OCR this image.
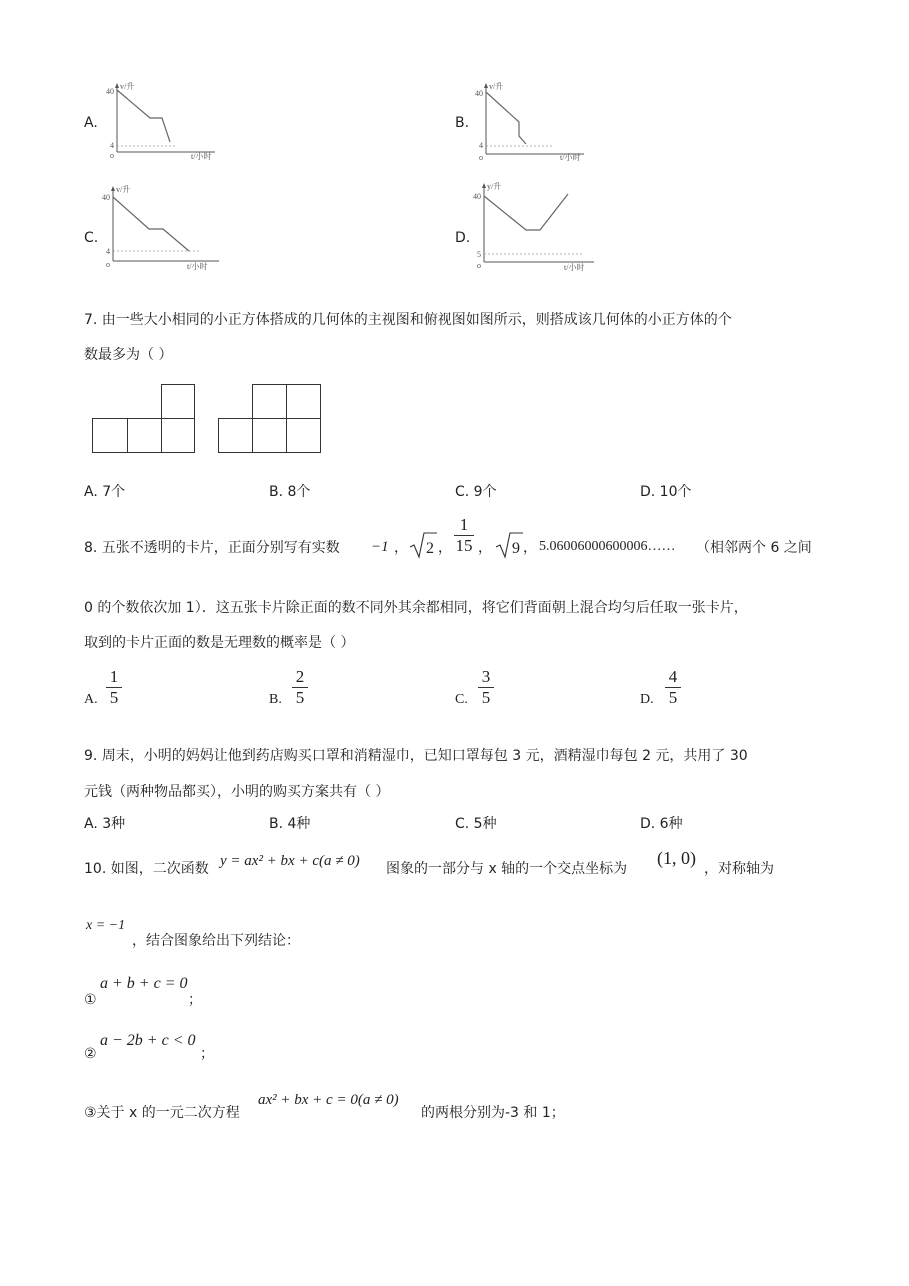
A.
v/升
40
4
o	t/小时
B.
v/升
40
4
o	t/小时
C.
v/升
40
4
o	t/小时
D.
y/升
40
5
o	t/小时
7. 由一些大小相同的小正方体搭成的几何体的主视图和俯视图如图所示，则搭成该几何体的小正方体的个
数最多为（ ）
A. 7个	B. 8个	C. 9个	D. 10个
8. 五张不透明的卡片，正面分别写有实数 −1 ， 2 ，
1
15 ， 9 ， 5.06006000600006…… （相邻两个 6 之间
0 的个数依次加 1）．这五张卡片除正面的数不同外其余都相同，将它们背面朝上混合均匀后任取一张卡片，
取到的卡片正面的数是无理数的概率是（ ）
A.
1
5	B.
2
5	C.
3
5	D.
4
5
9. 周末，小明的妈妈让他到药店购买口罩和消精湿巾，已知口罩每包 3 元，酒精湿巾每包 2 元，共用了 30
元钱（两种物品都买），小明的购买方案共有（ ）
A. 3种	B. 4种	C. 5种	D. 6种
10. 如图，二次函数 y = ax² + bx + c(a ≠ 0) 图象的一部分与 x 轴的一个交点坐标为
(1, 0)
，对称轴为
x = −1
，结合图象给出下列结论：
①
a + b + c = 0
；
②
a − 2b + c < 0
；
③关于 x 的一元二次方程
ax² + bx + c = 0(a ≠ 0)
的两根分别为-3 和 1；
